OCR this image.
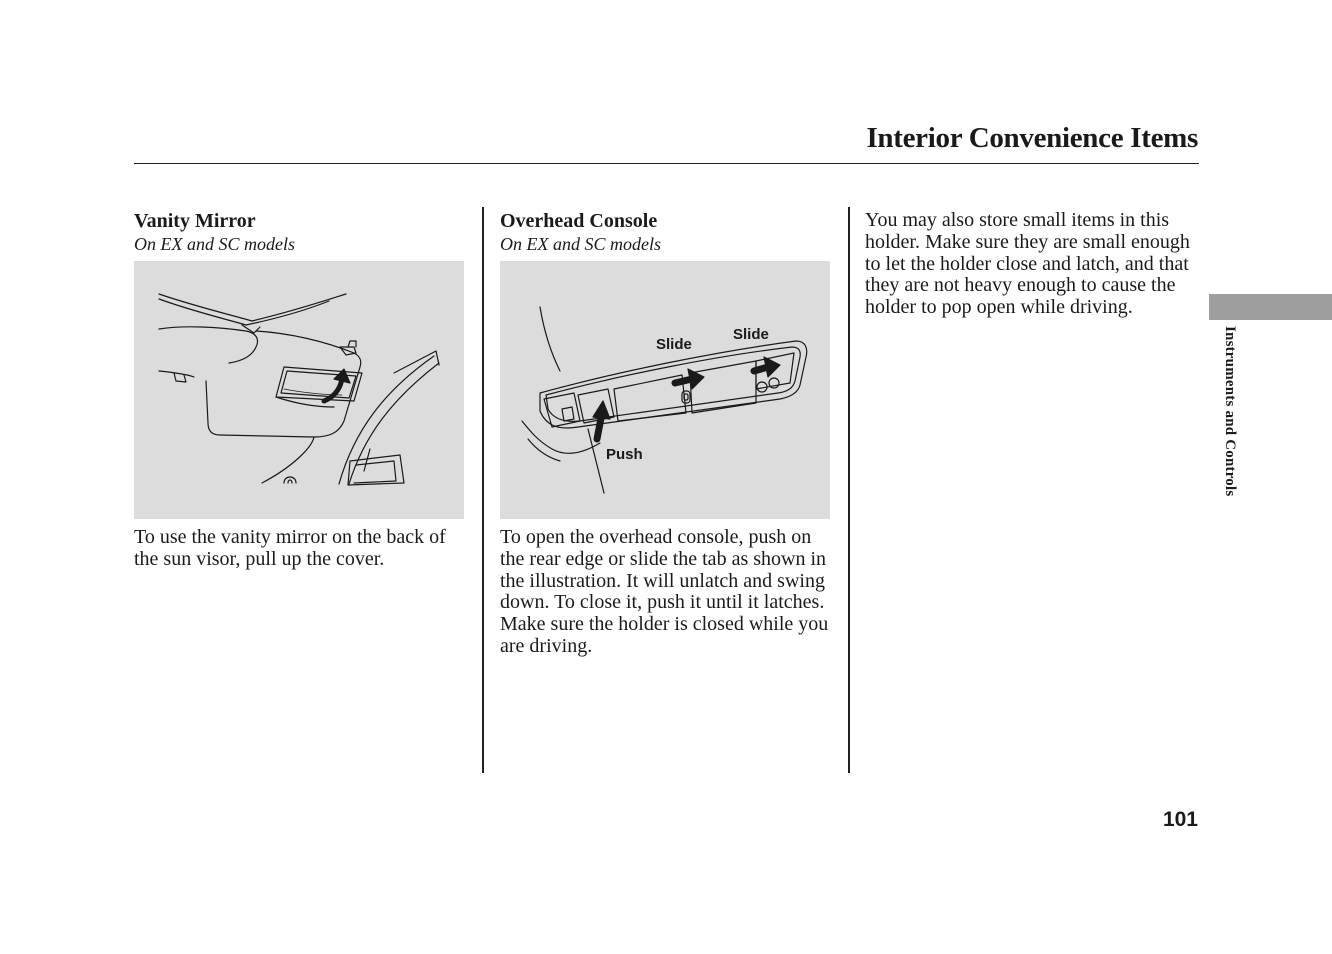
Interior Convenience Items
Vanity Mirror

On EX and SC models

To use the vanity mirror on the back of the sun visor, pull up the cover.

Overhead Console

On EX and SC models

Slide
Slide
Push

To open the overhead console, push on the rear edge or slide the tab as shown in the illustration. It will unlatch and swing down. To close it, push it until it latches. Make sure the holder is closed while you are driving.

You may also store small items in this holder. Make sure they are small enough to let the holder close and latch, and that they are not heavy enough to cause the holder to pop open while driving.

Instruments and Controls
101
